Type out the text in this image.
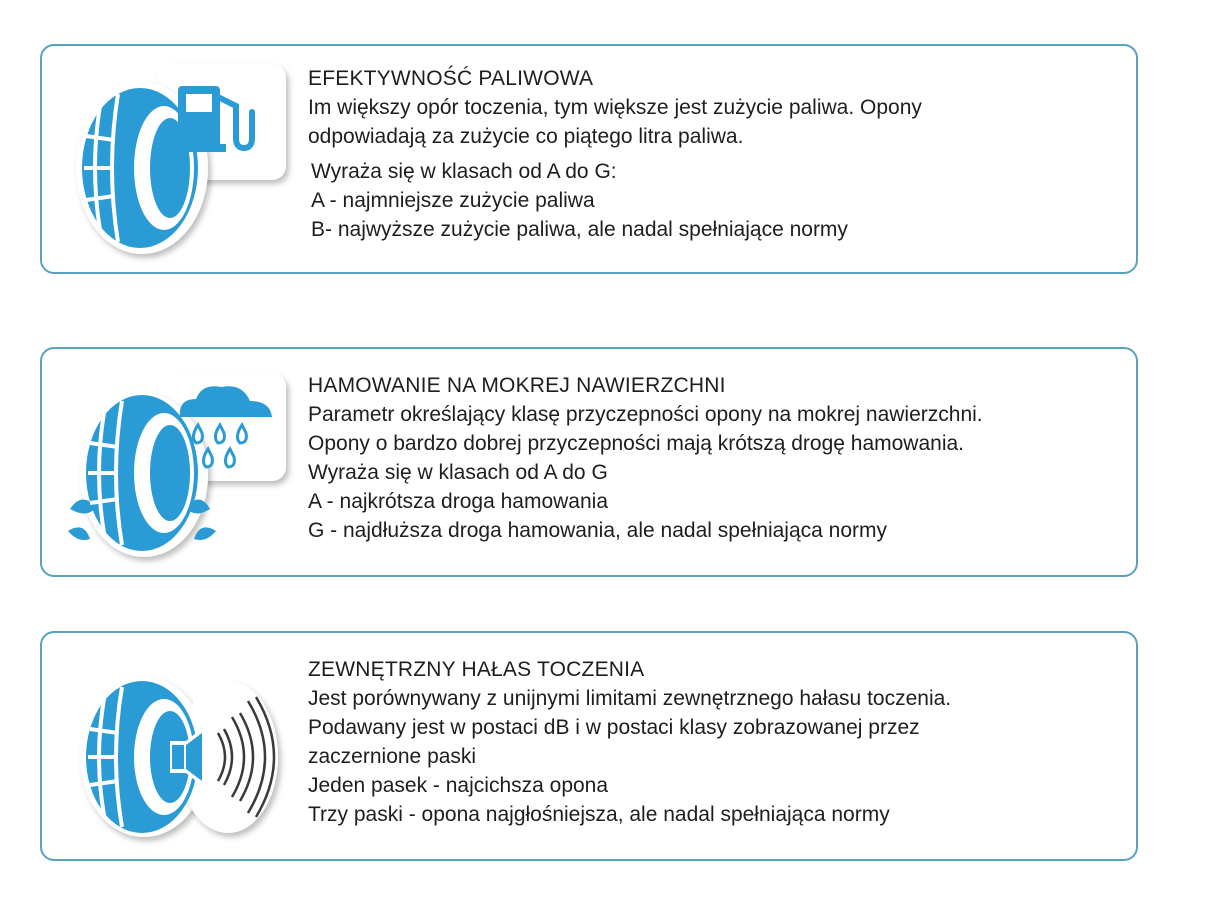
EFEKTYWNOŚĆ PALIWOWA
Im większy opór toczenia, tym większe jest zużycie paliwa. Opony
odpowiadają za zużycie co piątego litra paliwa.
Wyraża się w klasach od A do G:
A - najmniejsze zużycie paliwa
B- najwyższe zużycie paliwa, ale nadal spełniające normy
HAMOWANIE NA MOKREJ NAWIERZCHNI
Parametr określający klasę przyczepności opony na mokrej nawierzchni.
Opony o bardzo dobrej przyczepności mają krótszą drogę hamowania.
Wyraża się w klasach od A do G
A - najkrótsza droga hamowania
G - najdłuższa droga hamowania, ale nadal spełniająca normy
ZEWNĘTRZNY HAŁAS TOCZENIA
Jest porównywany z unijnymi limitami zewnętrznego hałasu toczenia.
Podawany jest w postaci dB i w postaci klasy zobrazowanej przez
zaczernione paski
Jeden pasek - najcichsza opona
Trzy paski - opona najgłośniejsza, ale nadal spełniająca normy
